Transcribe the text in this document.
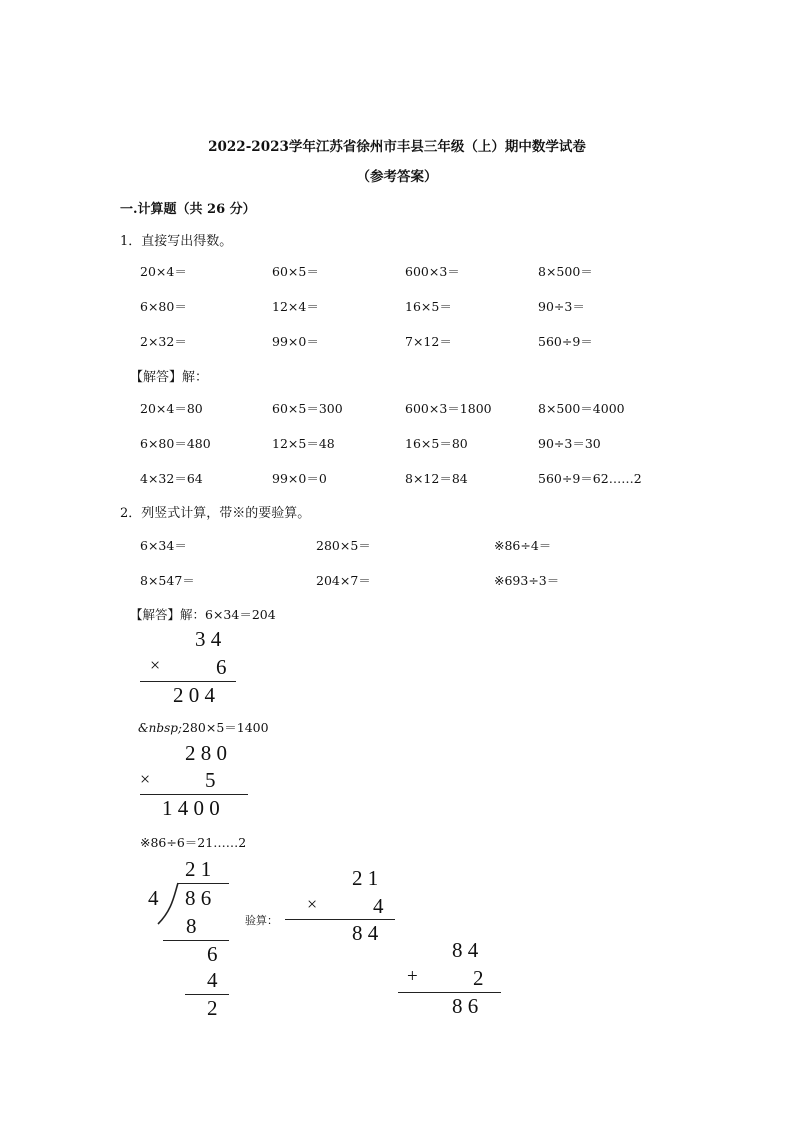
2022-2023学年江苏省徐州市丰县三年级（上）期中数学试卷
（参考答案）
一.计算题（共 26 分）
1．直接写出得数。
20×4＝	60×5＝	600×3＝	8×500＝
6×80＝	12×4＝	16×5＝	90÷3＝
2×32＝	99×0＝	7×12＝	560÷9＝
【解答】解：
20×4＝80	60×5＝300	600×3＝1800	8×500＝4000
6×80＝480	12×5＝48	16×5＝80	90÷3＝30
4×32＝64	99×0＝0	8×12＝84	560÷9＝62……2
2．列竖式计算，带※的要验算。
6×34＝	280×5＝	※86÷4＝
8×547＝	204×7＝	※693÷3＝
【解答】解：6×34＝204
3 4
×	6
2 0 4
&nbsp;280×5＝1400
2 8 0
×	5
1 4 0 0
※86÷6＝21……2
2 1
4 8 6
8
6
4
2
验算：
2 1
×	4
8 4
8 4
+	2
8 6
